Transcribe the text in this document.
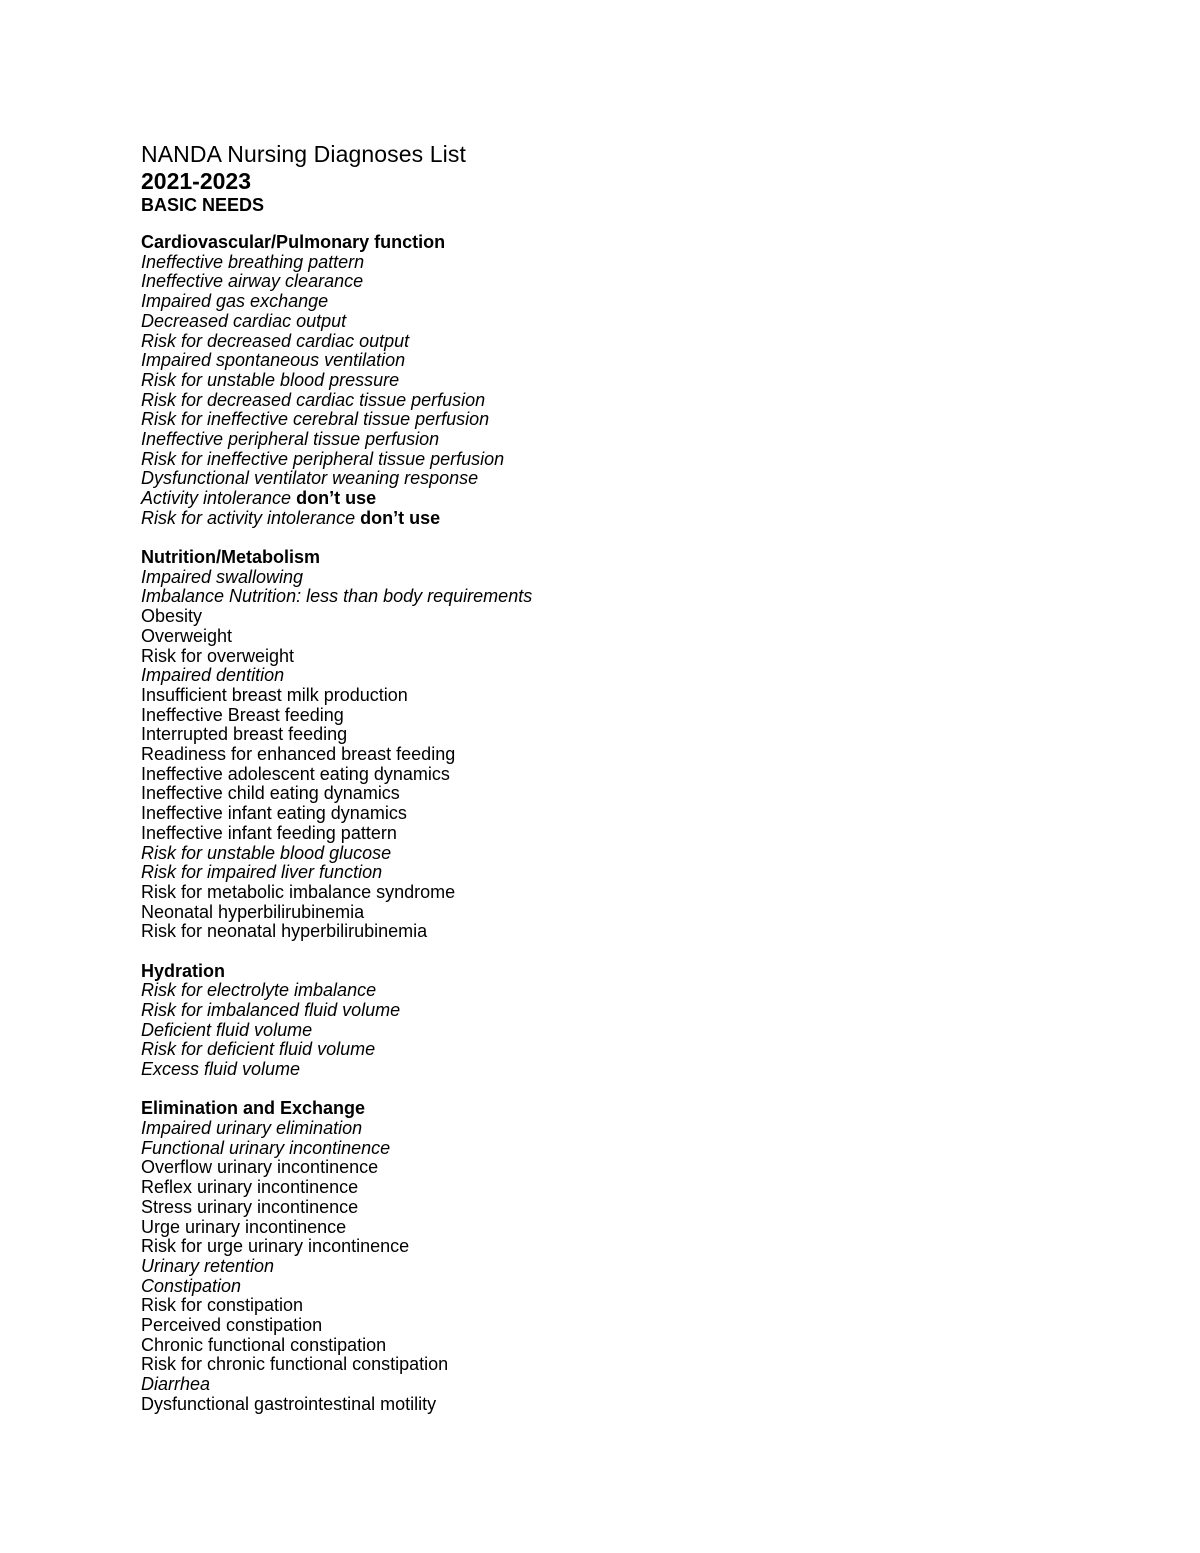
NANDA Nursing Diagnoses List
2021-2023
BASIC NEEDS
Cardiovascular/Pulmonary function
Ineffective breathing pattern
Ineffective airway clearance
Impaired gas exchange
Decreased cardiac output
Risk for decreased cardiac output
Impaired spontaneous ventilation
Risk for unstable blood pressure
Risk for decreased cardiac tissue perfusion
Risk for ineffective cerebral tissue perfusion
Ineffective peripheral tissue perfusion
Risk for ineffective peripheral tissue perfusion
Dysfunctional ventilator weaning response
Activity intolerance don’t use
Risk for activity intolerance don’t use
Nutrition/Metabolism
Impaired swallowing
Imbalance Nutrition: less than body requirements
Obesity
Overweight
Risk for overweight
Impaired dentition
Insufficient breast milk production
Ineffective Breast feeding
Interrupted breast feeding
Readiness for enhanced breast feeding
Ineffective adolescent eating dynamics
Ineffective child eating dynamics
Ineffective infant eating dynamics
Ineffective infant feeding pattern
Risk for unstable blood glucose
Risk for impaired liver function
Risk for metabolic imbalance syndrome
Neonatal hyperbilirubinemia
Risk for neonatal hyperbilirubinemia
Hydration
Risk for electrolyte imbalance
Risk for imbalanced fluid volume
Deficient fluid volume
Risk for deficient fluid volume
Excess fluid volume
Elimination and Exchange
Impaired urinary elimination
Functional urinary incontinence
Overflow urinary incontinence
Reflex urinary incontinence
Stress urinary incontinence
Urge urinary incontinence
Risk for urge urinary incontinence
Urinary retention
Constipation
Risk for constipation
Perceived constipation
Chronic functional constipation
Risk for chronic functional constipation
Diarrhea
Dysfunctional gastrointestinal motility
